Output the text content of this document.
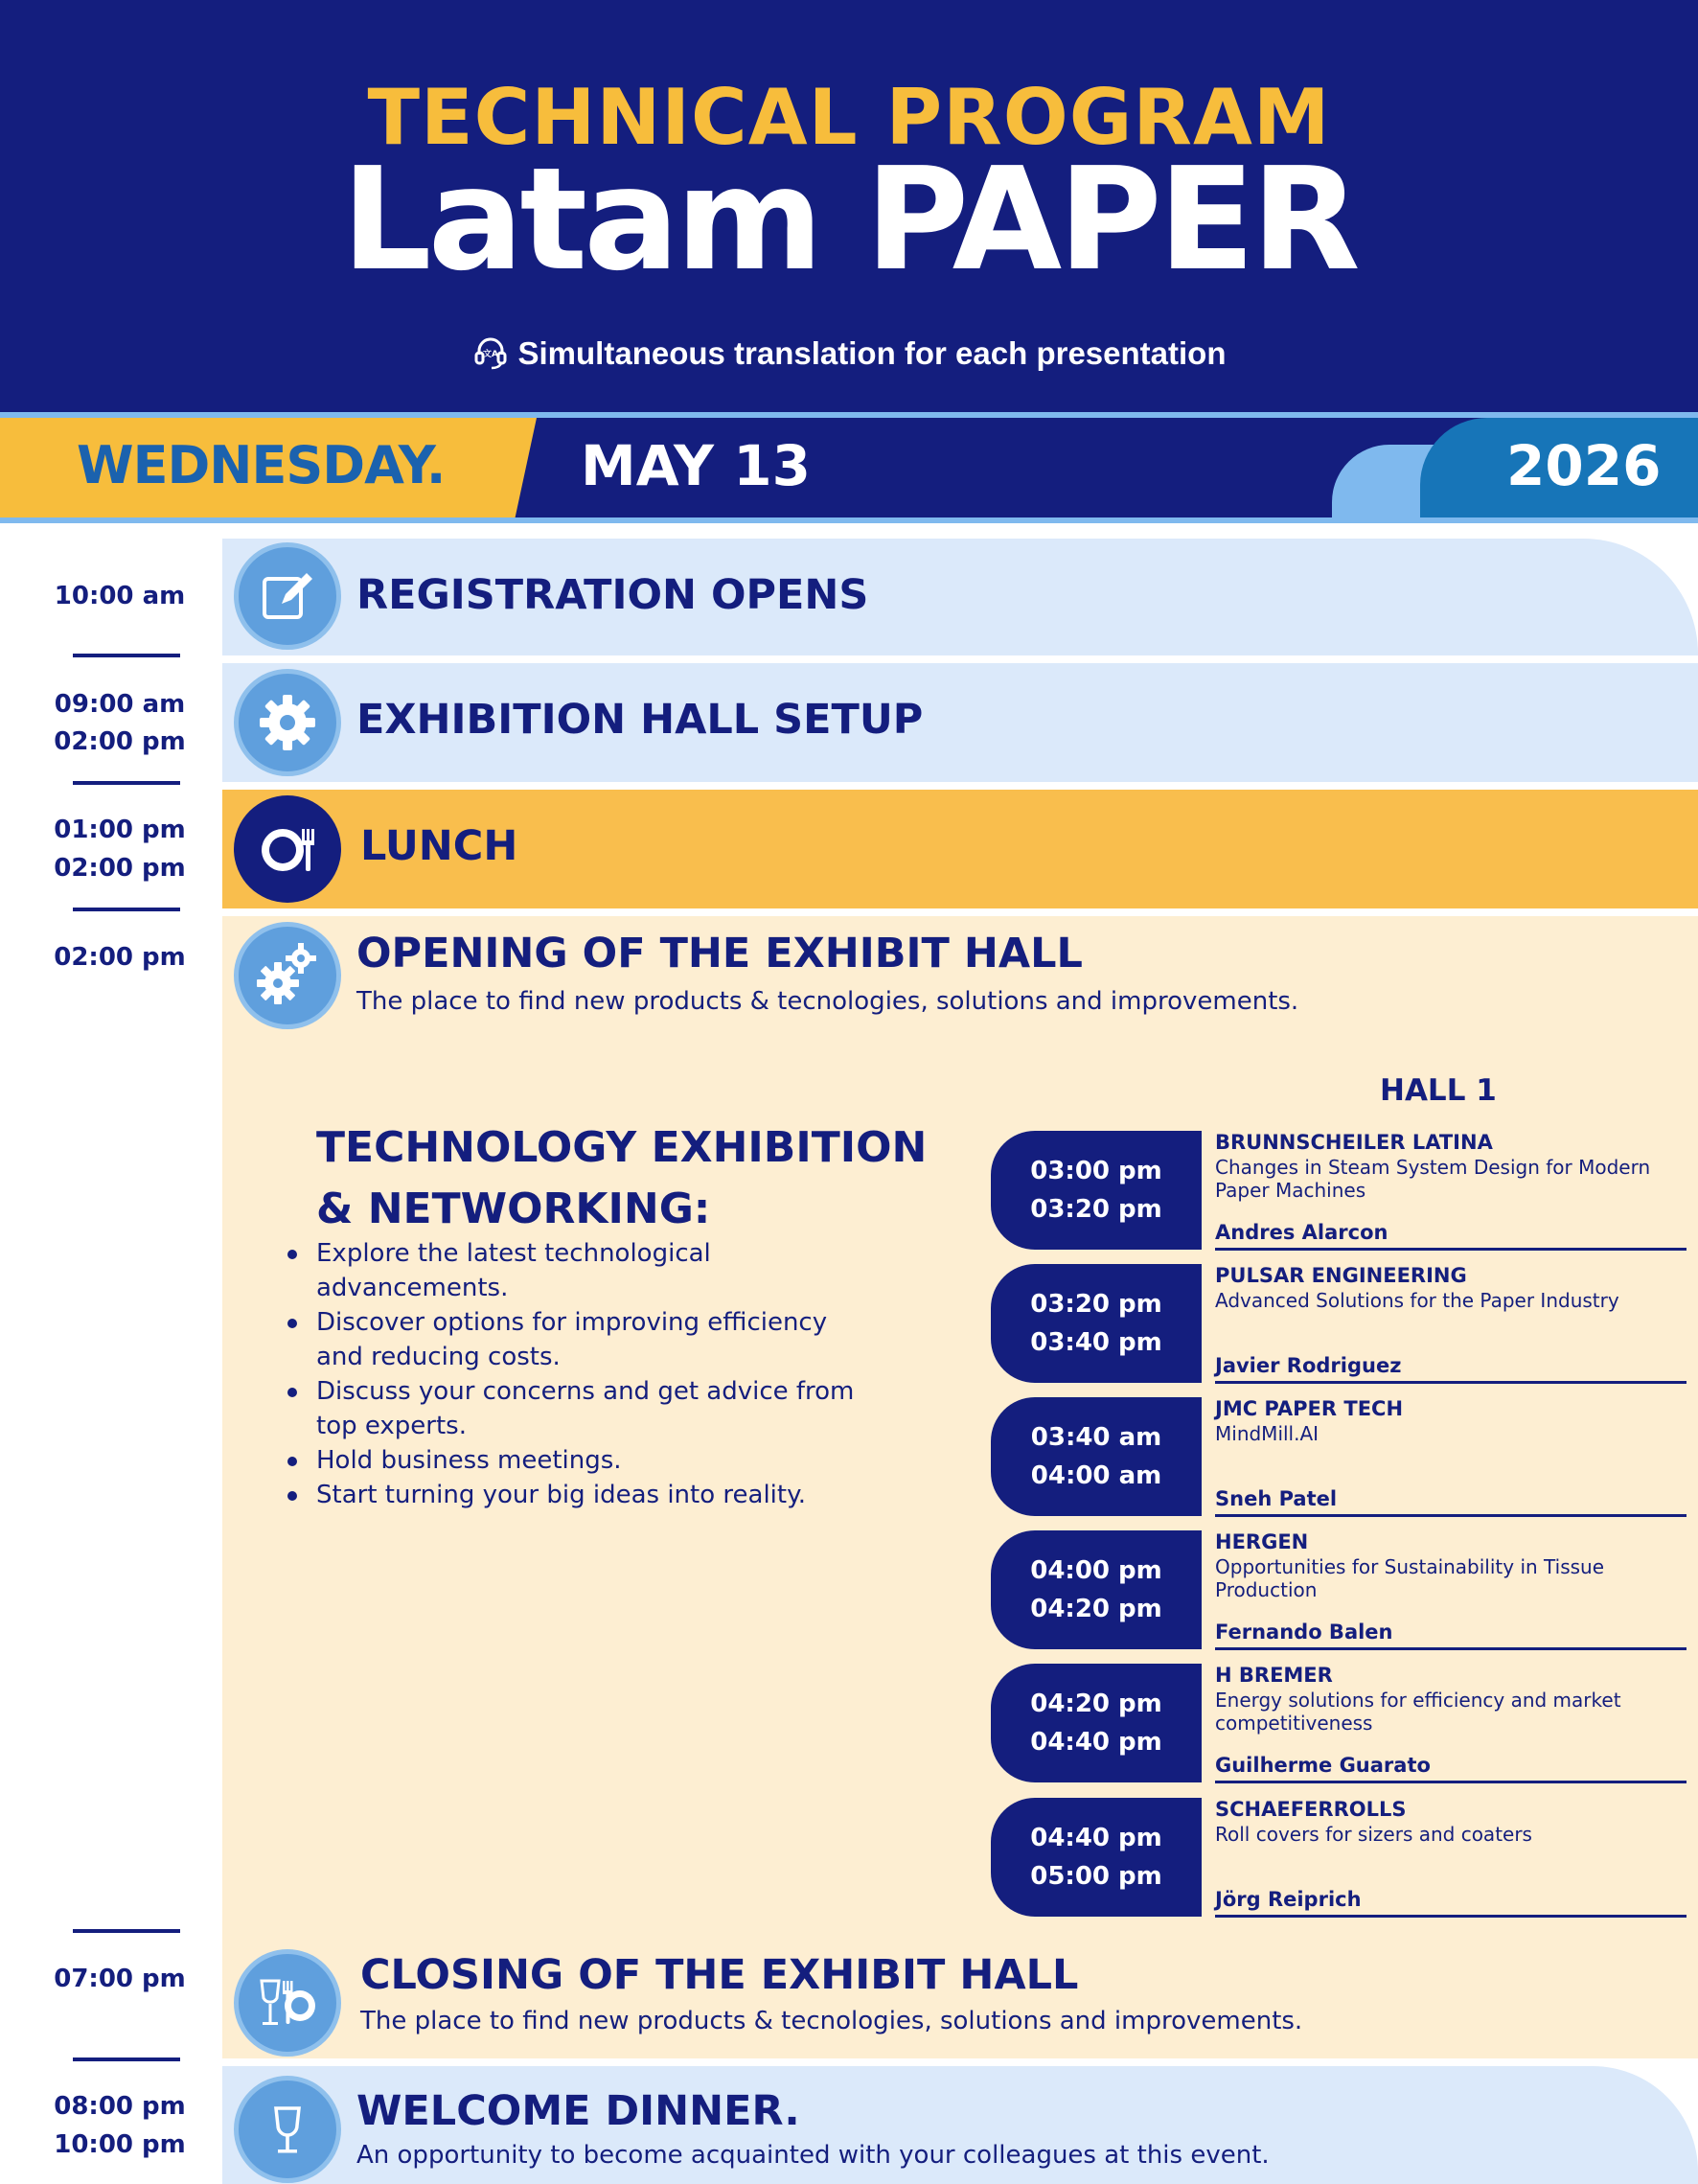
TECHNICAL PROGRAM
Latam PAPER
文A Simultaneous translation for each presentation
WEDNESDAY. MAY 13	2026
10:00 am
09:00 am
02:00 pm
01:00 pm
02:00 pm
02:00 pm
07:00 pm
08:00 pm
10:00 pm
REGISTRATION OPENS
EXHIBITION HALL SETUP
LUNCH
OPENING OF THE EXHIBIT HALL
The place to find new products & tecnologies, solutions and improvements.
TECHNOLOGY EXHIBITION
& NETWORKING:
Explore the latest technological advancements.
Discover options for improving efficiency and reducing costs.
Discuss your concerns and get advice from top experts.
Hold business meetings.
Start turning your big ideas into reality.
HALL 1
03:00 pm
03:20 pm
BRUNNSCHEILER LATINA
Changes in Steam System Design for Modern Paper Machines
Andres Alarcon
03:20 pm
03:40 pm
PULSAR ENGINEERING
Advanced Solutions for the Paper Industry
Javier Rodriguez
03:40 am
04:00 am
JMC PAPER TECH
MindMill.AI
Sneh Patel
04:00 pm
04:20 pm
HERGEN
Opportunities for Sustainability in Tissue Production
Fernando Balen
04:20 pm
04:40 pm
H BREMER
Energy solutions for efficiency and market competitiveness
Guilherme Guarato
04:40 pm
05:00 pm
SCHAEFERROLLS
Roll covers for sizers and coaters
Jörg Reiprich
CLOSING OF THE EXHIBIT HALL
The place to find new products & tecnologies, solutions and improvements.
WELCOME DINNER.
An opportunity to become acquainted with your colleagues at this event.
